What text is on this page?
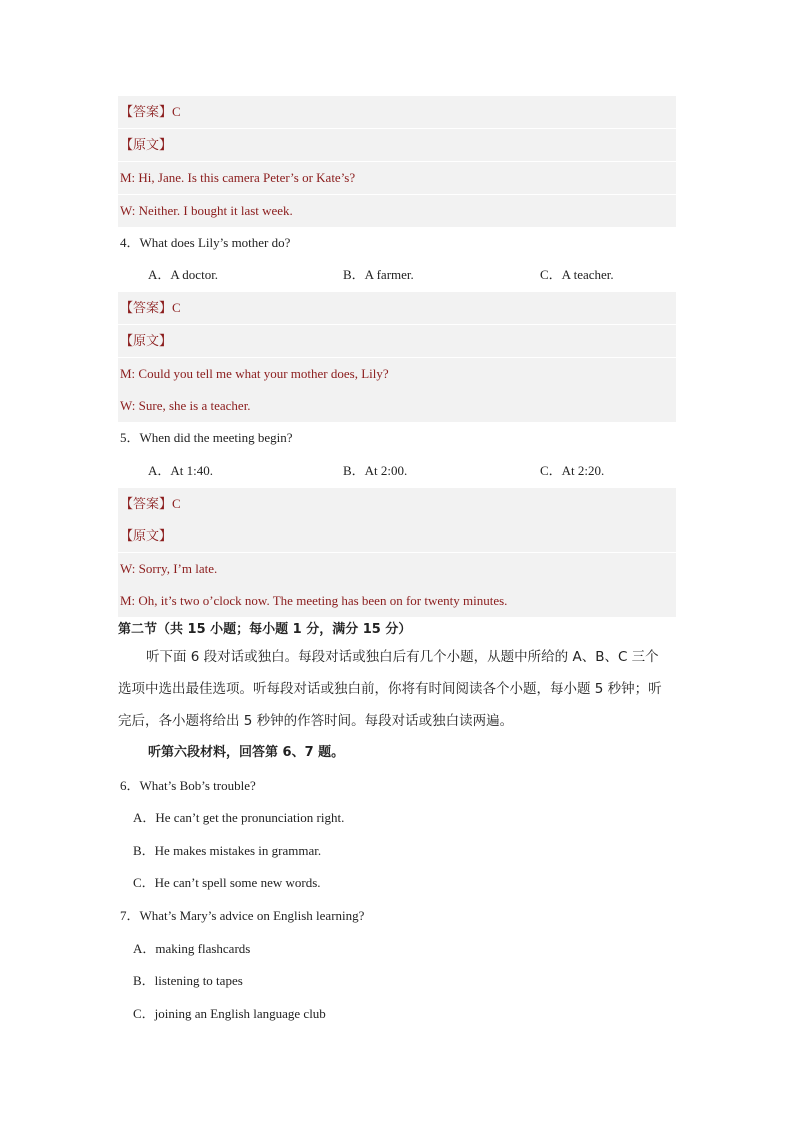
【答案】C
【原文】
M: Hi, Jane. Is this camera Peter’s or Kate’s?
W: Neither. I bought it last week.
4．What does Lily’s mother do?
A．A doctor.	B．A farmer.	C．A teacher.
【答案】C
【原文】
M: Could you tell me what your mother does, Lily?
W: Sure, she is a teacher.
5．When did the meeting begin?
A．At 1:40.	B．At 2:00.	C．At 2:20.
【答案】C
【原文】
W: Sorry, I’m late.
M: Oh, it’s two o’clock now. The meeting has been on for twenty minutes.
第二节（共 15 小题；每小题 1 分，满分 15 分）
听下面 6 段对话或独白。每段对话或独白后有几个小题，从题中所给的 A、B、C 三个
选项中选出最佳选项。听每段对话或独白前，你将有时间阅读各个小题，每小题 5 秒钟；听
完后，各小题将给出 5 秒钟的作答时间。每段对话或独白读两遍。
听第六段材料，回答第 6、7 题。
6．What’s Bob’s trouble?
A．He can’t get the pronunciation right.
B．He makes mistakes in grammar.
C．He can’t spell some new words.
7．What’s Mary’s advice on English learning?
A．making flashcards
B．listening to tapes
C．joining an English language club
